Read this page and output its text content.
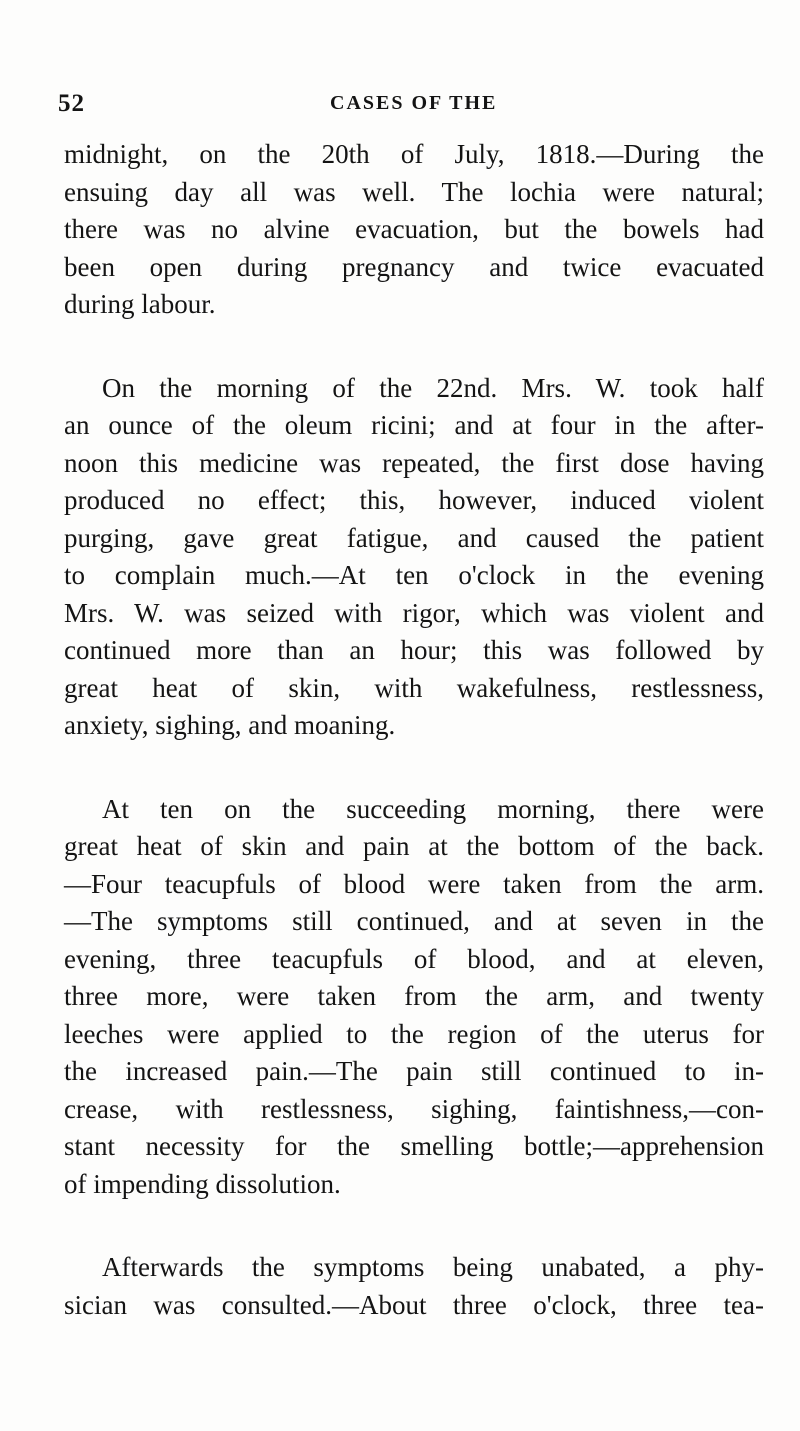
52	CASES OF THE
midnight, on the 20th of July, 1818.—During the
ensuing day all was well. The lochia were natural;
there was no alvine evacuation, but the bowels had
been open during pregnancy and twice evacuated
during labour.
On the morning of the 22nd. Mrs. W. took half
an ounce of the oleum ricini; and at four in the after-
noon this medicine was repeated, the first dose having
produced no effect; this, however, induced violent
purging, gave great fatigue, and caused the patient
to complain much.—At ten o'clock in the evening
Mrs. W. was seized with rigor, which was violent and
continued more than an hour; this was followed by
great heat of skin, with wakefulness, restlessness,
anxiety, sighing, and moaning.
At ten on the succeeding morning, there were
great heat of skin and pain at the bottom of the back.
—Four teacupfuls of blood were taken from the arm.
—The symptoms still continued, and at seven in the
evening, three teacupfuls of blood, and at eleven,
three more, were taken from the arm, and twenty
leeches were applied to the region of the uterus for
the increased pain.—The pain still continued to in-
crease, with restlessness, sighing, faintishness,—con-
stant necessity for the smelling bottle;—apprehension
of impending dissolution.
Afterwards the symptoms being unabated, a phy-
sician was consulted.—About three o'clock, three tea-
